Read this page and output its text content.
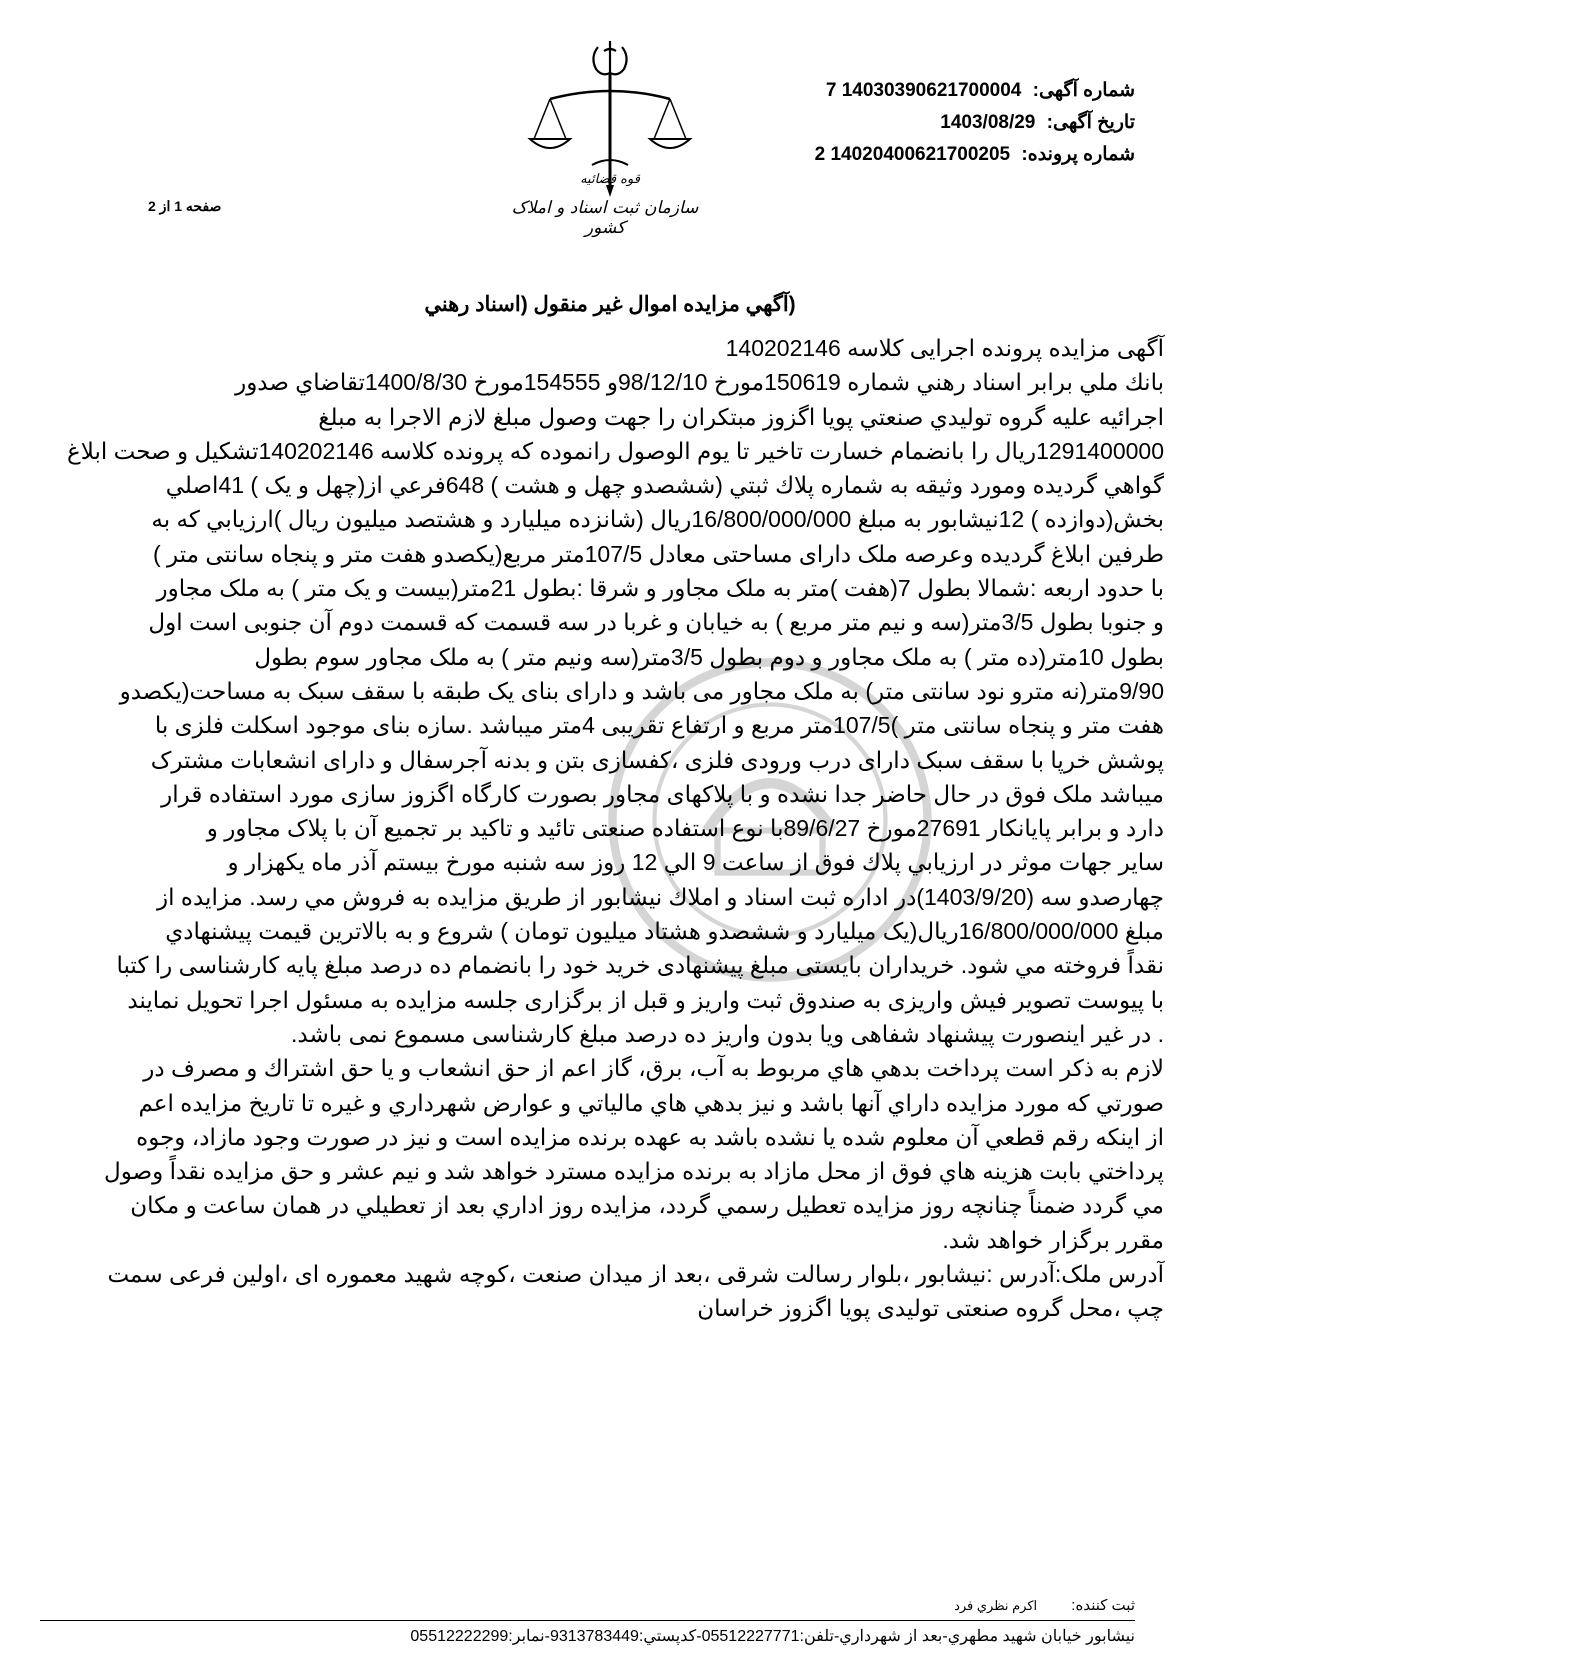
شماره آگهی: 14030390621700004 7
تاریخ آگهی: 1403/08/29
شماره پرونده: 14020400621700205 2
قوه قضائیه
سازمان ثبت اسناد و املاک کشور
صفحه 1 از 2
(آگهي مزايده اموال غير منقول (اسناد رهني
آگهی مزایده پرونده اجرایی کلاسه 140202146
بانك ملي برابر اسناد رهني شماره 150619مورخ 98/12/10و 154555مورخ 1400/8/30تقاضاي صدور
اجرائيه عليه گروه توليدي صنعتي پويا اگزوز مبتكران را جهت وصول مبلغ لازم الاجرا به مبلغ
1291400000ريال را بانضمام خسارت تاخير تا يوم الوصول رانموده كه پرونده كلاسه 140202146تشكيل و صحت ابلاغ
گواهي گرديده ومورد وثيقه به شماره پلاك ثبتي (ششصدو چهل و هشت ) 648فرعي از(چهل و یک ) 41اصلي
بخش(دوازده ) 12نيشابور به مبلغ 16/800/000/000ريال (شانزده ميليارد و هشتصد ميليون ريال )ارزيابي كه به
طرفين ابلاغ گرديده وعرصه ملک دارای مساحتی معادل 107/5متر مربع(یکصدو هفت متر و پنجاه سانتی متر )
با حدود اربعه :شمالا بطول 7(هفت )متر به ملک مجاور و شرقا :بطول 21متر(بیست و یک متر ) به ملک مجاور
و جنوبا بطول 3/5متر(سه و نیم متر مربع ) به خیابان و غربا در سه قسمت که قسمت دوم آن جنوبی است اول
بطول 10متر(ده متر ) به ملک مجاور و دوم بطول 3/5متر(سه ونیم متر ) به ملک مجاور سوم بطول
9/90متر(نه مترو نود سانتی متر) به ملک مجاور می باشد و دارای بنای یک طبقه با سقف سبک به مساحت(یکصدو
هفت متر و پنجاه سانتی متر )107/5متر مربع و ارتفاع تقریبی 4متر میباشد .سازه بنای موجود اسکلت فلزی با
پوشش خرپا با سقف سبک دارای درب ورودی فلزی ،کفسازی بتن و بدنه آجرسفال و دارای انشعابات مشترک
میباشد ملک فوق در حال حاضر جدا نشده و با پلاکهای مجاور بصورت کارگاه اگزوز سازی مورد استفاده قرار
دارد و برابر پایانکار 27691مورخ 89/6/27با نوع استفاده صنعتی تائید و تاکید بر تجمیع آن با پلاک مجاور و
ساير جهات موثر در ارزيابي پلاك فوق از ساعت 9 الي 12 روز سه شنبه مورخ بيستم آذر ماه يكهزار و
چهارصدو سه (1403/9/20)در اداره ثبت اسناد و املاك نيشابور از طريق مزايده به فروش مي رسد. مزايده از
مبلغ 16/800/000/000ريال(یک میلیارد و ششصدو هشتاد میلیون تومان ) شروع و به بالاترين قيمت پيشنهادي
نقداً فروخته مي شود. خریداران بایستی مبلغ پیشنهادی خرید خود را بانضمام ده درصد مبلغ پایه کارشناسی را کتبا
با پیوست تصویر فیش واریزی به صندوق ثبت واریز و قبل از برگزاری جلسه مزایده به مسئول اجرا تحویل نمایند
. در غیر اینصورت پیشنهاد شفاهی ویا بدون واریز ده درصد مبلغ کارشناسی مسموع نمی باشد.
لازم به ذكر است پرداخت بدهي هاي مربوط به آب، برق، گاز اعم از حق انشعاب و يا حق اشتراك و مصرف در
صورتي كه مورد مزايده داراي آنها باشد و نيز بدهي هاي مالياتي و عوارض شهرداري و غيره تا تاريخ مزايده اعم
از اينكه رقم قطعي آن معلوم شده يا نشده باشد به عهده برنده مزايده است و نيز در صورت وجود مازاد، وجوه
پرداختي بابت هزينه هاي فوق از محل مازاد به برنده مزايده مسترد خواهد شد و نيم عشر و حق مزايده نقداً وصول
مي گردد ضمناً چنانچه روز مزايده تعطيل رسمي گردد، مزايده روز اداري بعد از تعطيلي در همان ساعت و مكان
مقرر برگزار خواهد شد.
آدرس ملک:آدرس :نیشابور ،بلوار رسالت شرقی ،بعد از میدان صنعت ،کوچه شهید معموره ای ،اولین فرعی سمت
چپ ،محل گروه صنعتی تولیدی پویا اگزوز خراسان
ثبت كننده: اكرم نظري فرد
نيشابور خيابان شهيد مطهري-بعد از شهرداري-تلفن:05512227771-كدپستي:9313783449-نمابر:05512222299
